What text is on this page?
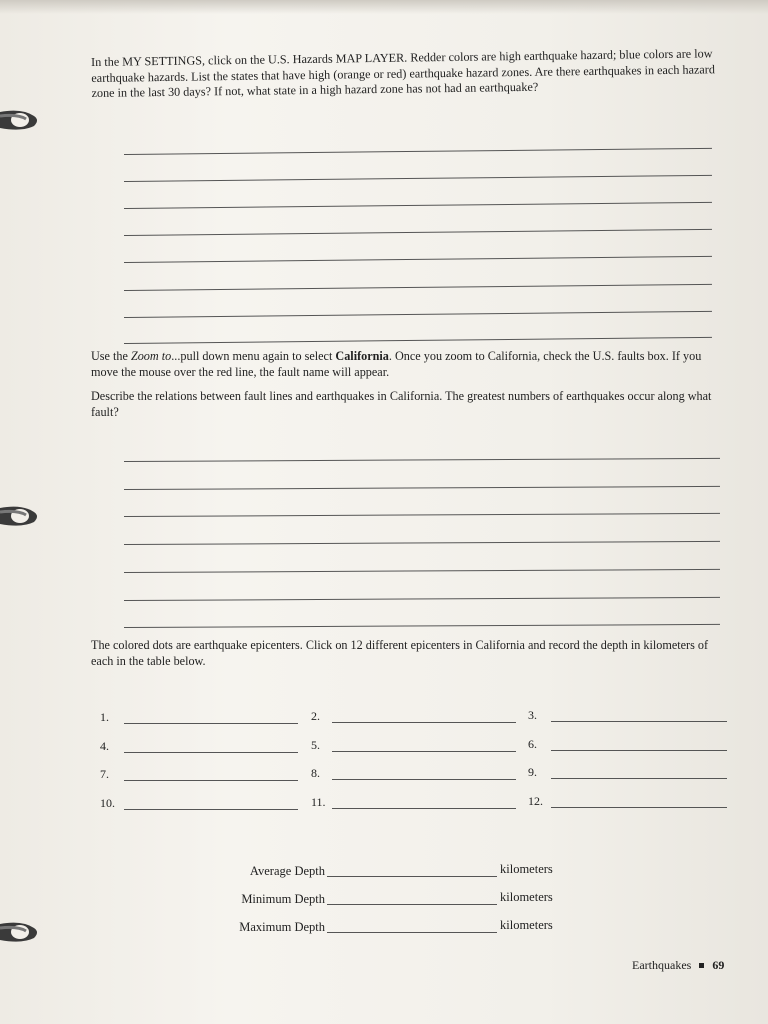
In the MY SETTINGS, click on the U.S. Hazards MAP LAYER. Redder colors are high earthquake hazard; blue colors are low earthquake hazards. List the states that have high (orange or red) earthquake hazard zones. Are there earthquakes in each hazard zone in the last 30 days? If not, what state in a high hazard zone has not had an earthquake?

Use the Zoom to...pull down menu again to select California. Once you zoom to California, check the U.S. faults box. If you move the mouse over the red line, the fault name will appear.

Describe the relations between fault lines and earthquakes in California. The greatest numbers of earthquakes occur along what fault?

The colored dots are earthquake epicenters. Click on 12 different epicenters in California and record the depth in kilometers of each in the table below.

1.	2.	3.
4.	5.	6.
7.	8.	9.
10.	11.	12.
Average Depth	kilometers
Minimum Depth	kilometers
Maximum Depth	kilometers
Earthquakes 69
